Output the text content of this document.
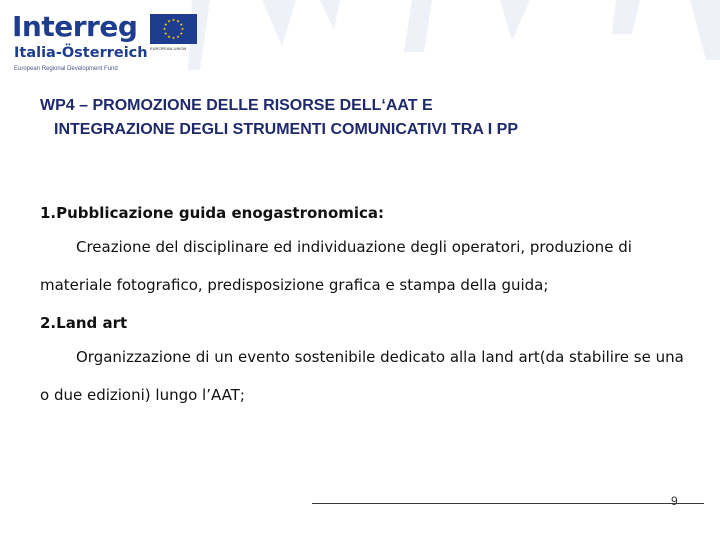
Interreg
Italia-Österreich
European Regional Development Fund
EUROPEAN UNION
WP4 – PROMOZIONE DELLE RISORSE DELL‘AAT E
INTEGRAZIONE DEGLI STRUMENTI COMUNICATIVI TRA I PP

1.Pubblicazione guida enogastronomica:

Creazione del disciplinare ed individuazione degli operatori, produzione di materiale fotografico, predisposizione grafica e stampa della guida;

2.Land art

Organizzazione di un evento sostenibile dedicato alla land art(da stabilire se una o due edizioni) lungo l’AAT;

9
